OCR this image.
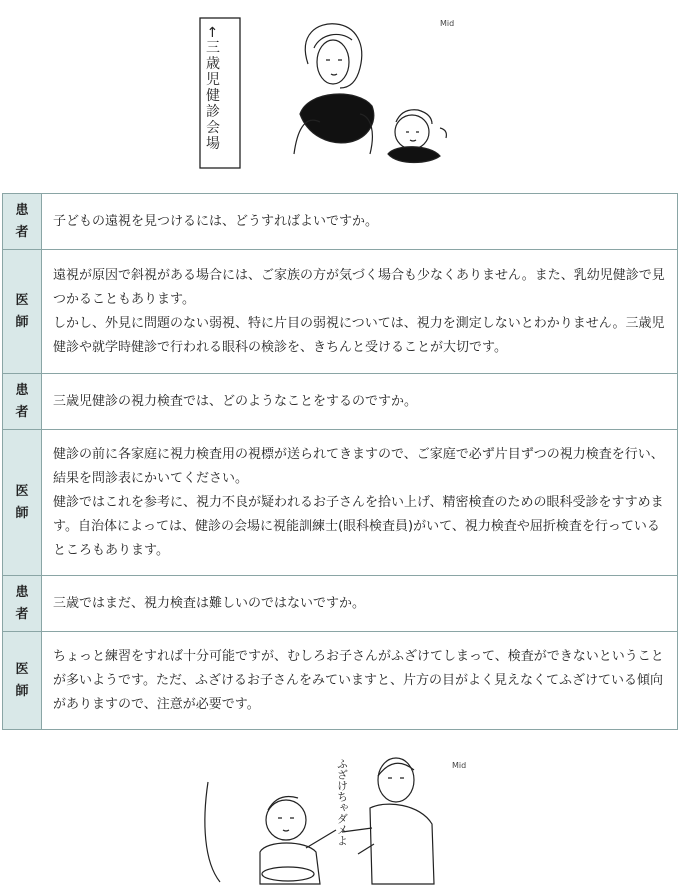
←三歳児健診会場
Mid
患者	子どもの遠視を見つけるには、どうすればよいですか。

医師	遠視が原因で斜視がある場合には、ご家族の方が気づく場合も少なくありません。また、乳幼児健診で見つかることもあります。

しかし、外見に問題のない弱視、特に片目の弱視については、視力を測定しないとわかりません。三歳児健診や就学時健診で行われる眼科の検診を、きちんと受けることが大切です。

患者	三歳児健診の視力検査では、どのようなことをするのですか。

医師	健診の前に各家庭に視力検査用の視標が送られてきますので、ご家庭で必ず片目ずつの視力検査を行い、結果を問診表にかいてください。

健診ではこれを参考に、視力不良が疑われるお子さんを拾い上げ、精密検査のための眼科受診をすすめます。自治体によっては、健診の会場に視能訓練士(眼科検査員)がいて、視力検査や屈折検査を行っているところもあります。

患者	三歳ではまだ、視力検査は難しいのではないですか。

医師	ちょっと練習をすれば十分可能ですが、むしろお子さんがふざけてしまって、検査ができないということが多いようです。ただ、ふざけるお子さんをみていますと、片方の目がよく見えなくてふざけている傾向がありますので、注意が必要です。

ふざけちゃダメよ	Mid
